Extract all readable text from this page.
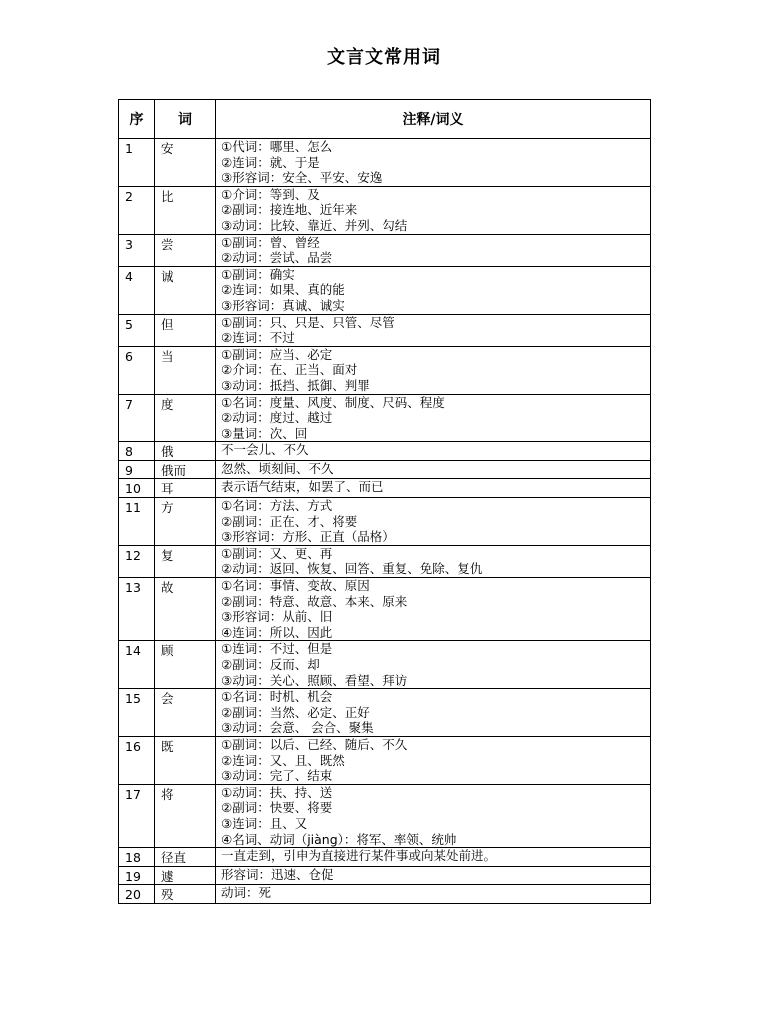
文言文常用词
序	词	注释/词义
1	安	①代词：哪里、怎么
②连词：就、于是
③形容词：安全、平安、安逸

2	比	①介词：等到、及
②副词：接连地、近年来
③动词：比较、靠近、并列、勾结

3	尝	①副词：曾、曾经
②动词：尝试、品尝

4	诚	①副词：确实
②连词：如果、真的能
③形容词：真诚、诚实

5	但	①副词：只、只是、只管、尽管
②连词：不过

6	当	①副词：应当、必定
②介词：在、正当、面对
③动词：抵挡、抵御、判罪

7	度	①名词：度量、风度、制度、尺码、程度
②动词：度过、越过
③量词：次、回

8	俄	不一会儿、不久

9	俄而	忽然、顷刻间、不久

10	耳	表示语气结束，如罢了、而已

11	方	①名词：方法、方式
②副词：正在、才、将要
③形容词：方形、正直（品格）

12	复	①副词：又、更、再
②动词：返回、恢复、回答、重复、免除、复仇

13	故	①名词：事情、变故、原因
②副词：特意、故意、本来、原来
③形容词：从前、旧
④连词：所以、因此

14	顾	①连词：不过、但是
②副词：反而、却
③动词：关心、照顾、看望、拜访

15	会	①名词：时机、机会
②副词：当然、必定、正好
③动词：会意、 会合、聚集

16	既	①副词：以后、已经、随后、不久
②连词：又、且、既然
③动词：完了、结束

17	将	①动词：扶、持、送
②副词：快要、将要
③连词：且、又
④名词、动词（jiàng）：将军、率领、统帅

18	径直	一直走到，引申为直接进行某件事或向某处前进。

19	遽	形容词：迅速、仓促

20	殁	动词：死
